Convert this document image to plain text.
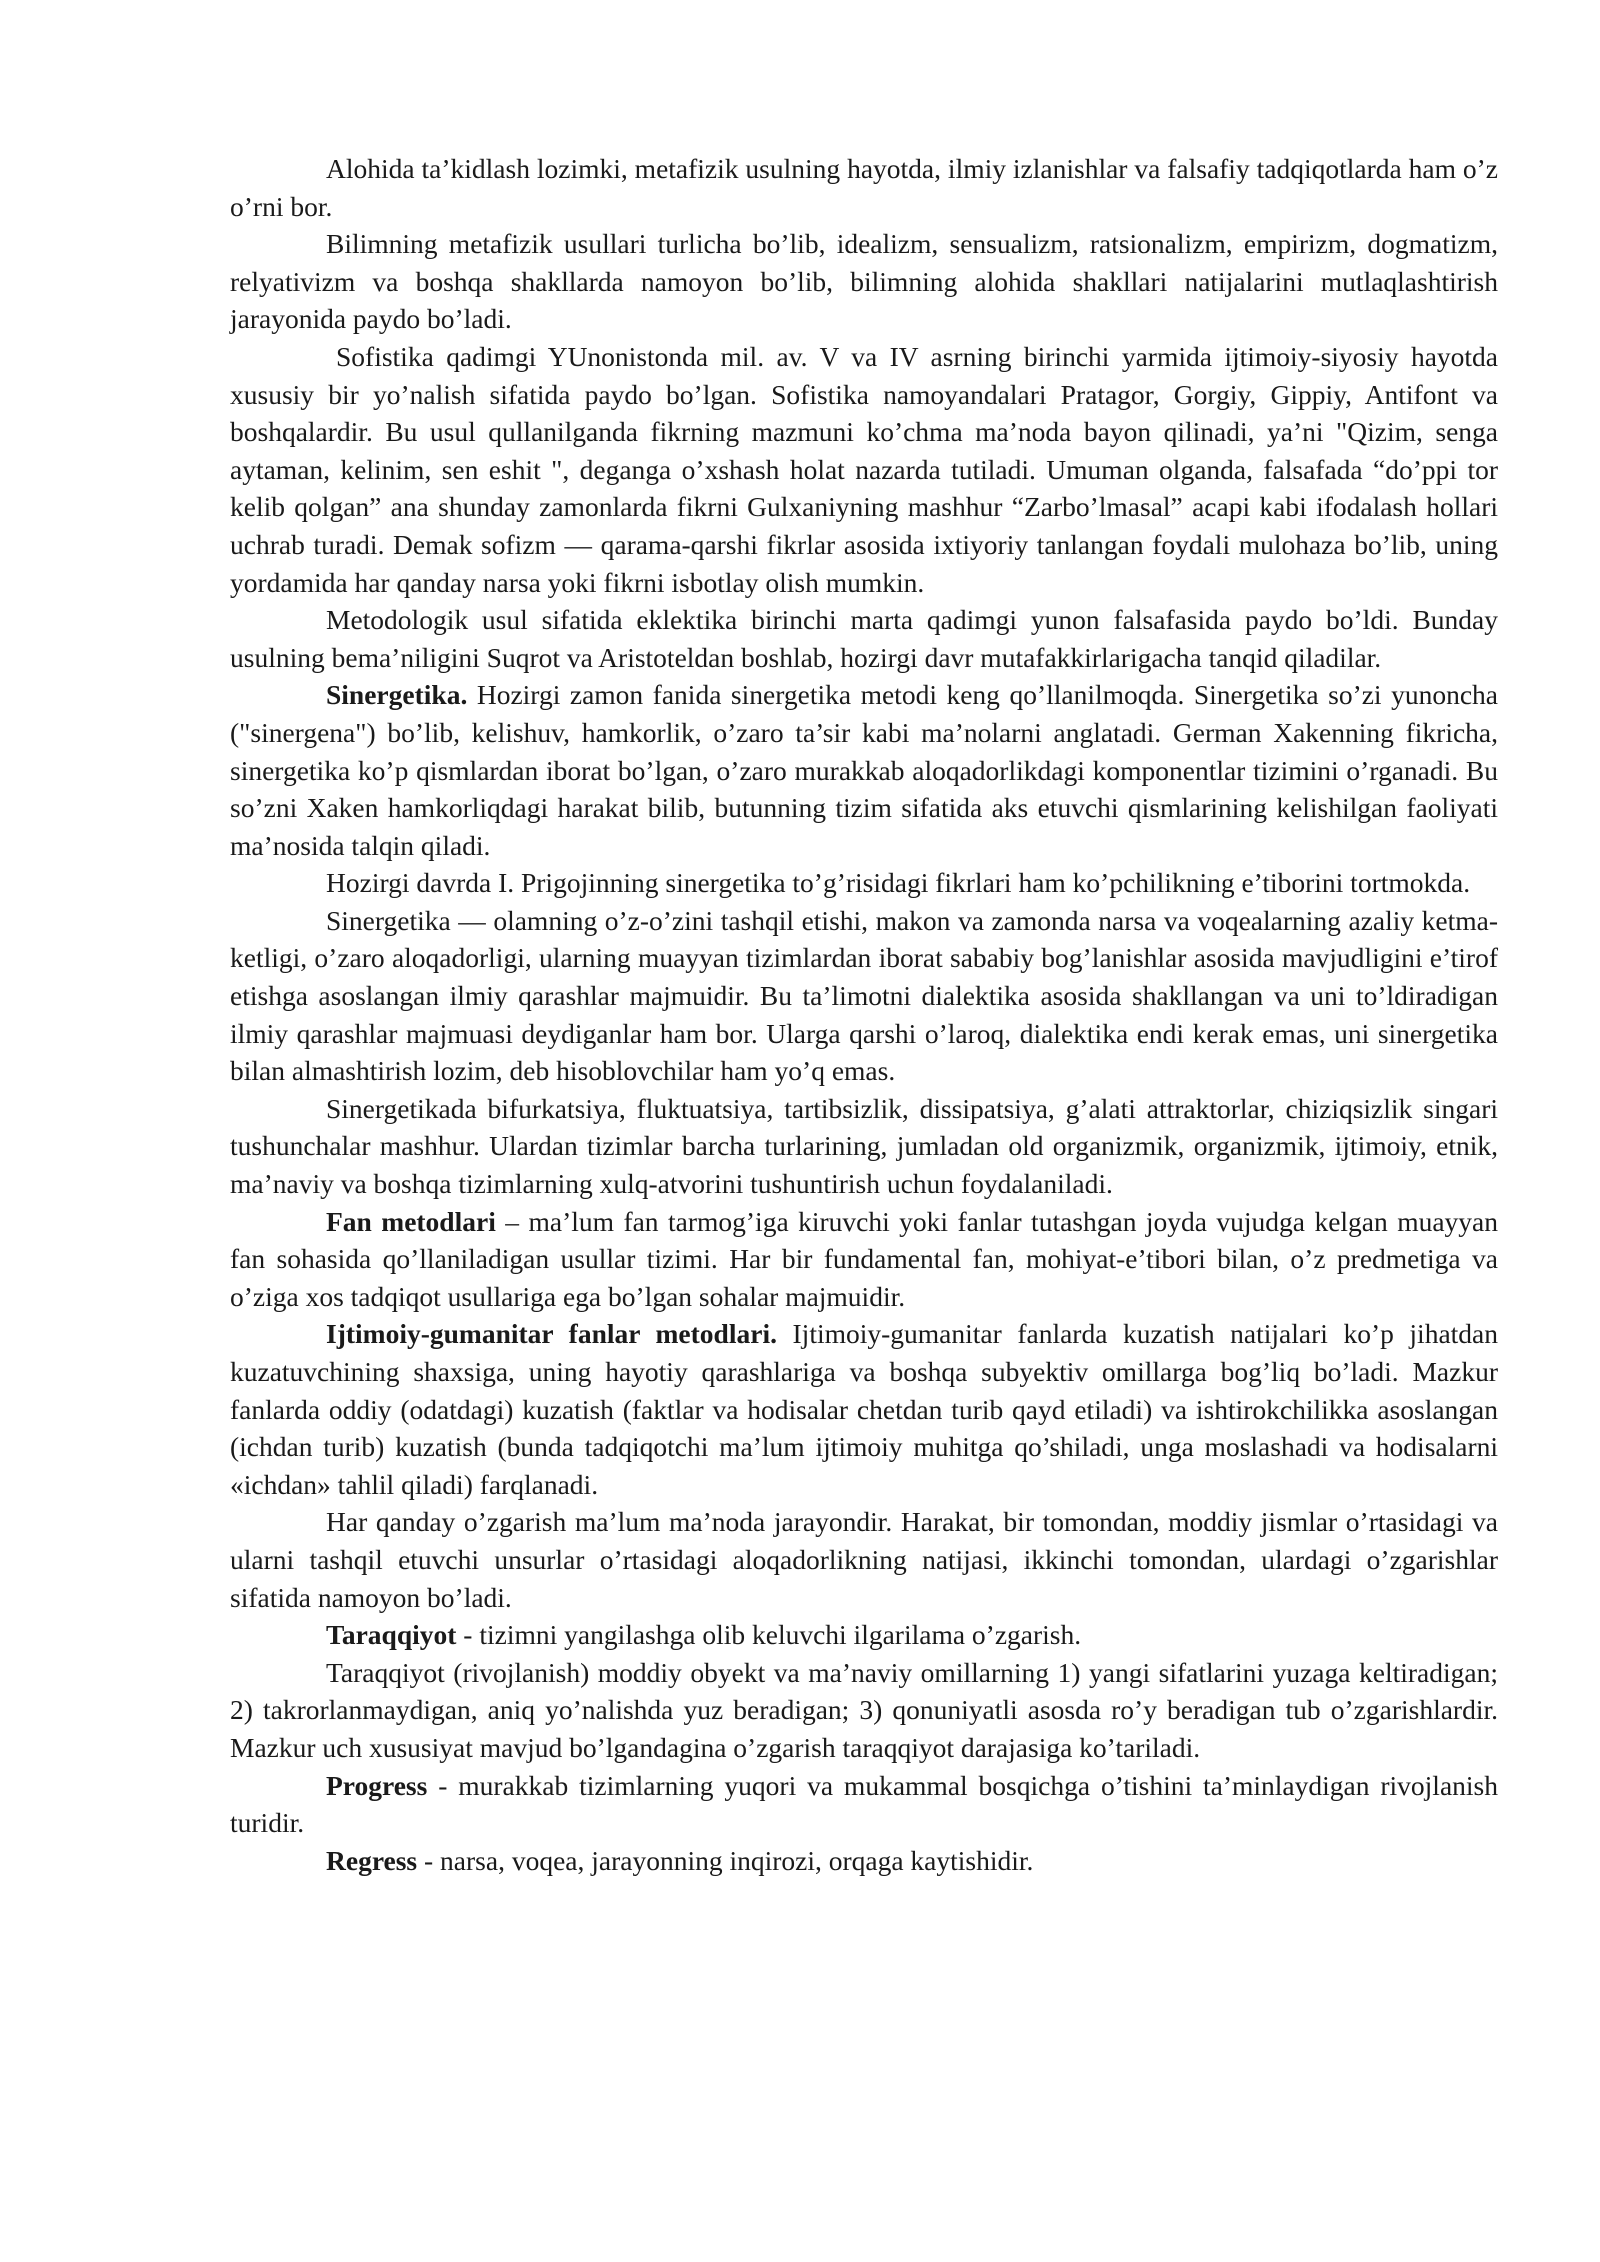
Alohida ta’kidlash lozimki, metafizik usulning hayotda, ilmiy izlanishlar va falsafiy tadqiqotlarda ham o’z o’rni bor.

Bilimning metafizik usullari turlicha bo’lib, idealizm, sensualizm, ratsionalizm, empirizm, dogmatizm, relyativizm va boshqa shakllarda namoyon bo’lib, bilimning alohida shakllari natijalarini mutlaqlashtirish jarayonida paydo bo’ladi.

Sofistika qadimgi YUnonistonda mil. av. V va IV asrning birinchi yarmida ijtimoiy-siyosiy hayotda xususiy bir yo’nalish sifatida paydo bo’lgan. Sofistika namoyandalari Pratagor, Gorgiy, Gippiy, Antifont va boshqalardir. Bu usul qullanilganda fikrning mazmuni ko’chma ma’noda bayon qilinadi, ya’ni "Qizim, senga aytaman, kelinim, sen eshit ", deganga o’xshash holat nazarda tutiladi. Umuman olganda, falsafada “do’ppi tor kelib qolgan” ana shunday zamonlarda fikrni Gulxaniyning mashhur “Zarbo’lmasal” acapi kabi ifodalash hollari uchrab turadi. Demak sofizm — qarama-qarshi fikrlar asosida ixtiyoriy tanlangan foydali mulohaza bo’lib, uning yordamida har qanday narsa yoki fikrni isbotlay olish mumkin.

Metodologik usul sifatida eklektika birinchi marta qadimgi yunon falsafasida paydo bo’ldi. Bunday usulning bema’niligini Suqrot va Aristoteldan boshlab, hozirgi davr mutafakkirlarigacha tanqid qiladilar.

Sinergetika. Hozirgi zamon fanida sinergetika metodi keng qo’llanilmoqda. Sinergetika so’zi yunoncha ("sinergena") bo’lib, kelishuv, hamkorlik, o’zaro ta’sir kabi ma’nolarni anglatadi. German Xakenning fikricha, sinergetika ko’p qismlardan iborat bo’lgan, o’zaro murakkab aloqadorlikdagi komponentlar tizimini o’rganadi. Bu so’zni Xaken hamkorliqdagi harakat bilib, butunning tizim sifatida aks etuvchi qismlarining kelishilgan faoliyati ma’nosida talqin qiladi.

Hozirgi davrda I. Prigojinning sinergetika to’g’risidagi fikrlari ham ko’pchilikning e’tiborini tortmokda.

Sinergetika — olamning o’z-o’zini tashqil etishi, makon va zamonda narsa va voqealarning azaliy ketma-ketligi, o’zaro aloqadorligi, ularning muayyan tizimlardan iborat sababiy bog’lanishlar asosida mavjudligini e’tirof etishga asoslangan ilmiy qarashlar majmuidir. Bu ta’limotni dialektika asosida shakllangan va uni to’ldiradigan ilmiy qarashlar majmuasi deydiganlar ham bor. Ularga qarshi o’laroq, dialektika endi kerak emas, uni sinergetika bilan almashtirish lozim, deb hisoblovchilar ham yo’q emas.

Sinergetikada bifurkatsiya, fluktuatsiya, tartibsizlik, dissipatsiya, g’alati attraktorlar, chiziqsizlik singari tushunchalar mashhur. Ulardan tizimlar barcha turlarining, jumladan old organizmik, organizmik, ijtimoiy, etnik, ma’naviy va boshqa tizimlarning xulq-atvorini tushuntirish uchun foydalaniladi.

Fan metodlari – ma’lum fan tarmog’iga kiruvchi yoki fanlar tutashgan joyda vujudga kelgan muayyan fan sohasida qo’llaniladigan usullar tizimi. Har bir fundamental fan, mohiyat-e’tibori bilan, o’z predmetiga va o’ziga xos tadqiqot usullariga ega bo’lgan sohalar majmuidir.

Ijtimoiy-gumanitar fanlar metodlari. Ijtimoiy-gumanitar fanlarda kuzatish natijalari ko’p jihatdan kuzatuvchining shaxsiga, uning hayotiy qarashlariga va boshqa subyektiv omillarga bog’liq bo’ladi. Mazkur fanlarda oddiy (odatdagi) kuzatish (faktlar va hodisalar chetdan turib qayd etiladi) va ishtirokchilikka asoslangan (ichdan turib) kuzatish (bunda tadqiqotchi ma’lum ijtimoiy muhitga qo’shiladi, unga moslashadi va hodisalarni «ichdan» tahlil qiladi) farqlanadi.

Har qanday o’zgarish ma’lum ma’noda jarayondir. Harakat, bir tomondan, moddiy jismlar o’rtasidagi va ularni tashqil etuvchi unsurlar o’rtasidagi aloqadorlikning natijasi, ikkinchi tomondan, ulardagi o’zgarishlar sifatida namoyon bo’ladi.

Taraqqiyot - tizimni yangilashga olib keluvchi ilgarilama o’zgarish.

Taraqqiyot (rivojlanish) moddiy obyekt va ma’naviy omillarning 1) yangi sifatlarini yuzaga keltiradigan; 2) takrorlanmaydigan, aniq yo’nalishda yuz beradigan; 3) qonuniyatli asosda ro’y beradigan tub o’zgarishlardir. Mazkur uch xususiyat mavjud bo’lgandagina o’zgarish taraqqiyot darajasiga ko’tariladi.

Progress - murakkab tizimlarning yuqori va mukammal bosqichga o’tishini ta’minlaydigan rivojlanish turidir.

Regress - narsa, voqea, jarayonning inqirozi, orqaga kaytishidir.
